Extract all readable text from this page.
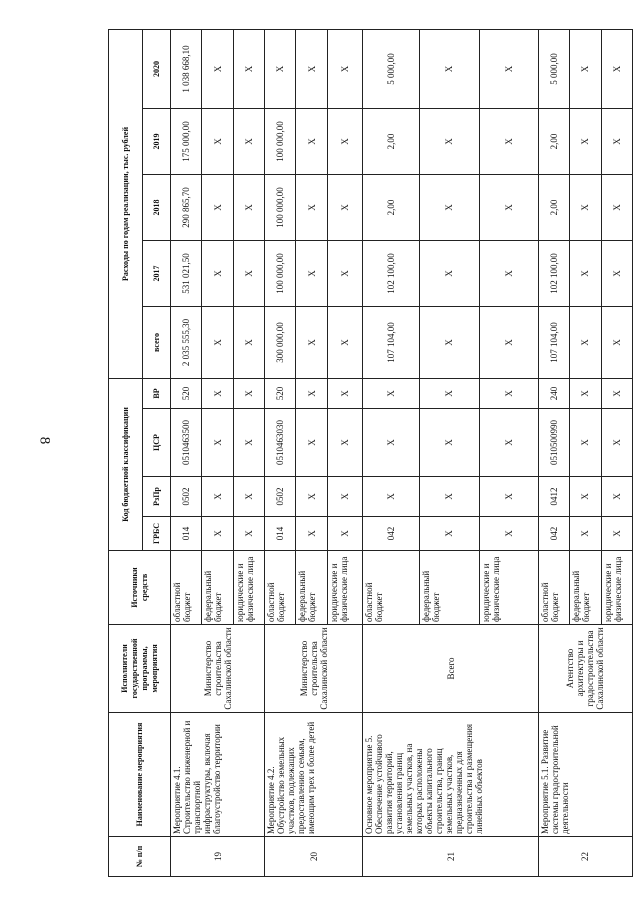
8
№ п/п	Наименование мероприятия	Исполнители государственной программы, мероприятия	Источники средств	Код бюджетной классификации				Расходы по годам реализации, тыс. рублей				
				ГРБС	РзПр	ЦСР	ВР	всего	2017	2018	2019	2020
19	Мероприятие 4.1. Строительство инженерной и транспортной инфраструктуры, включая благоустройство территории	Министерство строительства Сахалинской области	областной бюджет	014	0502	0510463500	520	2 035 555,30	531 021,50	290 865,70	175 000,00	1 038 668,10
			федеральный бюджет	X	X	X	X	X	X	X	X	X
			юридические и физические лица	X	X	X	X	X	X	X	X	X
20	Мероприятие 4.2. Обустройство земельных участков, подлежащих предоставлению семьям, имеющим трех и более детей	Министерство строительства Сахалинской области	областной бюджет	014	0502	0510463030	520	300 000,00	100 000,00	100 000,00	100 000,00	X
			федеральный бюджет	X	X	X	X	X	X	X	X	X
			юридические и физические лица	X	X	X	X	X	X	X	X	X
21	Основное мероприятие 5. Обеспечение устойчивого развития территорий, установления границ земельных участков, на которых расположены объекты капитального строительства, границ земельных участков, предназначенных для строительства и размещения линейных объектов	Всего	областной бюджет	042	X	X	X	107 104,00	102 100,00	2,00	2,00	5 000,00
			федеральный бюджет	X	X	X	X	X	X	X	X	X
			юридические и физические лица	X	X	X	X	X	X	X	X	X
22	Мероприятие 5.1. Развитие системы градостроительной деятельности	Агентство архитектуры и градостроительства Сахалинской области	областной бюджет	042	0412	0510500990	240	107 104,00	102 100,00	2,00	2,00	5 000,00
			федеральный бюджет	X	X	X	X	X	X	X	X	X
			юридические и физические лица	X	X	X	X	X	X	X	X	X
